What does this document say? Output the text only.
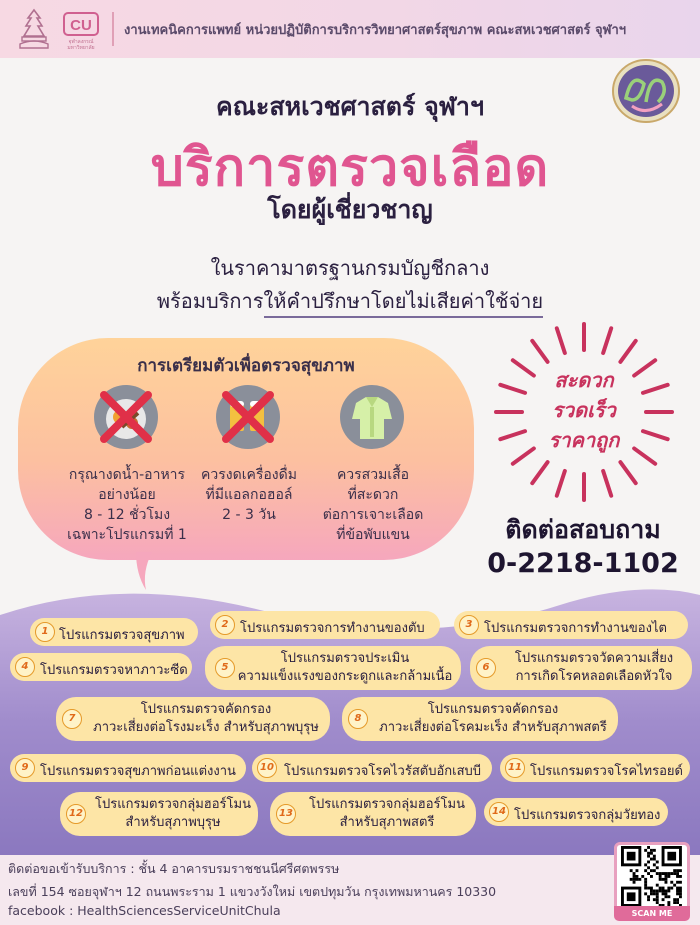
CU
จุฬาลงกรณ์
มหาวิทยาลัย
งานเทคนิคการแพทย์ หน่วยปฏิบัติการบริการวิทยาศาสตร์สุขภาพ คณะสหเวชศาสตร์ จุฬาฯ
คณะสหเวชศาสตร์ จุฬาฯ
บริการตรวจเลือด
โดยผู้เชี่ยวชาญ
ในราคามาตรฐานกรมบัญชีกลาง
พร้อมบริการให้คำปรึกษาโดยไม่เสียค่าใช้จ่าย
การเตรียมตัวเพื่อตรวจสุขภาพ
กรุณางดน้ำ-อาหาร
อย่างน้อย
8 - 12 ชั่วโมง
เฉพาะโปรแกรมที่ 1
ควรงดเครื่องดื่ม
ที่มีแอลกอฮอล์
2 - 3 วัน
ควรสวมเสื้อ
ที่สะดวก
ต่อการเจาะเลือด
ที่ข้อพับแขน
สะดวก
รวดเร็ว
ราคาถูก
ติดต่อสอบถาม
0-2218-1102
1 โปรแกรมตรวจสุขภาพ
2 โปรแกรมตรวจการทำงานของตับ	3 โปรแกรมตรวจการทำงานของไต
4 โปรแกรมตรวจหาภาวะซีด	5
โปรแกรมตรวจประเมิน
ความแข็งแรงของกระดูกและกล้ามเนื้อ
6
โปรแกรมตรวจวัดความเสี่ยง
การเกิดโรคหลอดเลือดหัวใจ
7
โปรแกรมตรวจคัดกรอง
ภาวะเสี่ยงต่อโรงมะเร็ง สำหรับสุภาพบุรุษ
8
โปรแกรมตรวจคัดกรอง
ภาวะเสี่ยงต่อโรคมะเร็ง สำหรับสุภาพสตรี
9 โปรแกรมตรวจสุขภาพก่อนแต่งงาน	10 โปรแกรมตรวจโรคไวรัสตับอักเสบบี	11 โปรแกรมตรวจโรคไทรอยด์
12
โปรแกรมตรวจกลุ่มฮอร์โมน
สำหรับสุภาพบุรุษ
13
โปรแกรมตรวจกลุ่มฮอร์โมน
สำหรับสุภาพสตรี
14 โปรแกรมตรวจกลุ่มวัยทอง
ติดต่อขอเข้ารับบริการ : ชั้น 4 อาคารบรมราชชนนีศรีศตพรรษ
เลขที่ 154 ซอยจุฬาฯ 12 ถนนพระราม 1 แขวงวังใหม่ เขตปทุมวัน กรุงเทพมหานคร 10330
facebook : HealthSciencesServiceUnitChula	SCAN ME
